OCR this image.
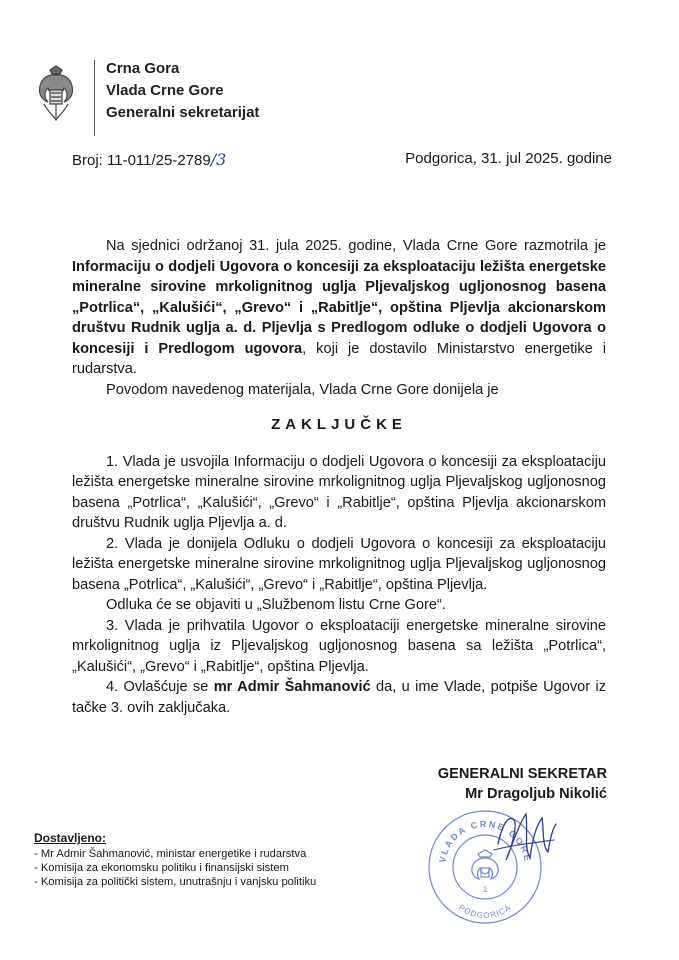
Crna Gora
Vlada Crne Gore
Generalni sekretarijat
Broj: 11-011/25-2789/3	Podgorica, 31. jul 2025. godine

Na sjednici održanoj 31. jula 2025. godine, Vlada Crne Gore razmotrila je Informaciju o dodjeli Ugovora o koncesiji za eksploataciju ležišta energetske mineralne sirovine mrkolignitnog uglja Pljevaljskog ugljonosnog basena „Potrlica“, „Kalušići“, „Grevo“ i „Rabitlje“, opština Pljevlja akcionarskom društvu Rudnik uglja a. d. Pljevlja s Predlogom odluke o dodjeli Ugovora o koncesiji i Predlogom ugovora, koji je dostavilo Ministarstvo energetike i rudarstva.

Povodom navedenog materijala, Vlada Crne Gore donijela je

ZAKLJUČKE

1. Vlada je usvojila Informaciju o dodjeli Ugovora o koncesiji za eksploataciju ležišta energetske mineralne sirovine mrkolignitnog uglja Pljevaljskog ugljonosnog basena „Potrlica“, „Kalušići“, „Grevo“ i „Rabitlje“, opština Pljevlja akcionarskom društvu Rudnik uglja Pljevlja a. d.

2. Vlada je donijela Odluku o dodjeli Ugovora o koncesiji za eksploataciju ležišta energetske mineralne sirovine mrkolignitnog uglja Pljevaljskog ugljonosnog basena „Potrlica“, „Kalušići“, „Grevo“ i „Rabitlje“, opština Pljevlja.

Odluka će se objaviti u „Službenom listu Crne Gore“.

3. Vlada je prihvatila Ugovor o eksploataciji energetske mineralne sirovine mrkolignitnog uglja iz Pljevaljskog ugljonosnog basena sa ležišta „Potrlica“, „Kalušići“, „Grevo“ i „Rabitlje“, opština Pljevlja.

4. Ovlašćuje se mr Admir Šahmanović da, u ime Vlade, potpiše Ugovor iz tačke 3. ovih zaključaka.

GENERALNI SEKRETAR
Mr Dragoljub Nikolić
VLADA CRNE GORE
PODGORICA
1
Dostavljeno:
- Mr Admir Šahmanović, ministar energetike i rudarstva
- Komisija za ekonomsku politiku i finansijski sistem
- Komisija za politički sistem, unutrašnju i vanjsku politiku
